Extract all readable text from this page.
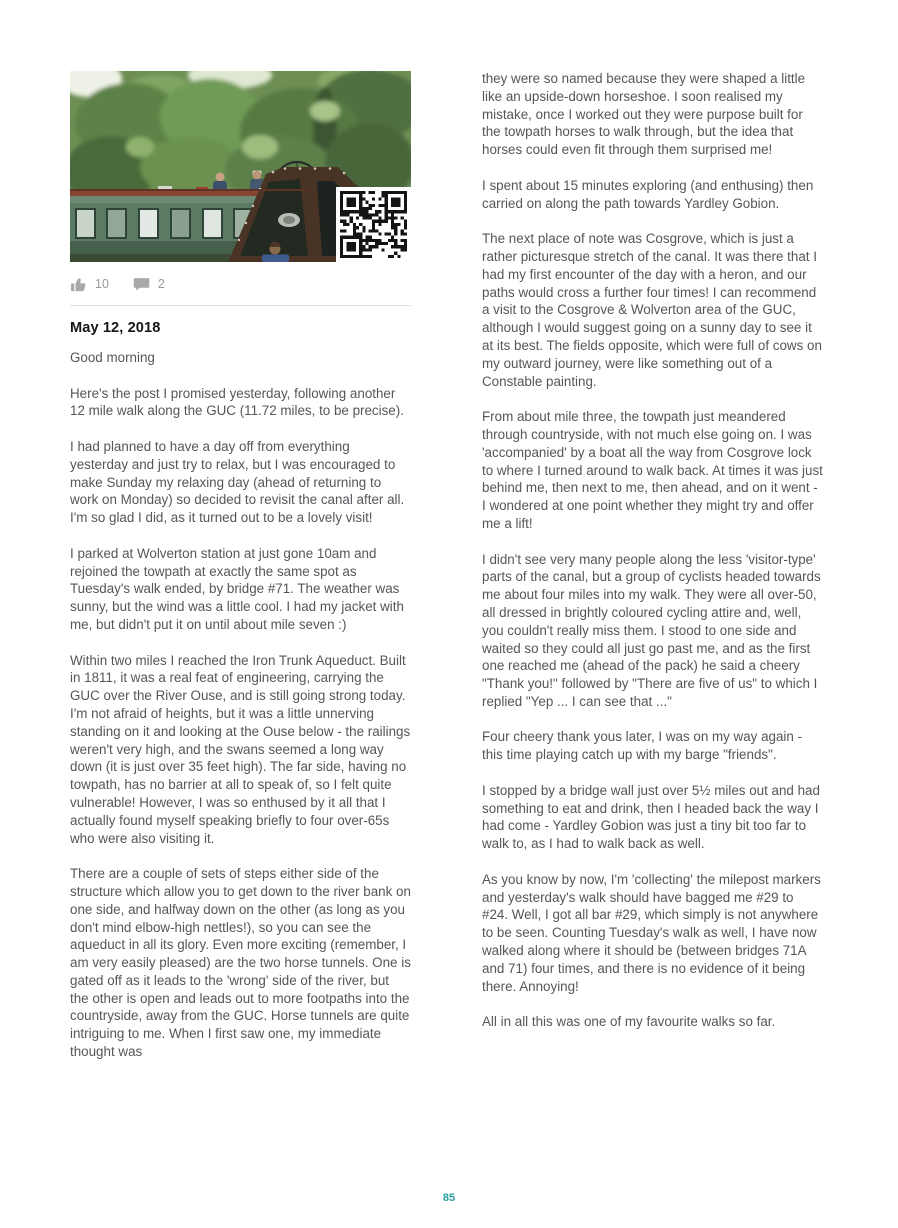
10	2
May 12, 2018

Good morning

Here's the post I promised yesterday, following another 12 mile walk along the GUC (11.72 miles, to be precise).

I had planned to have a day off from everything yesterday and just try to relax, but I was encouraged to make Sunday my relaxing day (ahead of returning to work on Monday) so decided to revisit the canal after all. I'm so glad I did, as it turned out to be a lovely visit!

I parked at Wolverton station at just gone 10am and rejoined the towpath at exactly the same spot as Tuesday's walk ended, by bridge #71. The weather was sunny, but the wind was a little cool. I had my jacket with me, but didn't put it on until about mile seven :)

Within two miles I reached the Iron Trunk Aqueduct. Built in 1811, it was a real feat of engineering, carrying the GUC over the River Ouse, and is still going strong today. I'm not afraid of heights, but it was a little unnerving standing on it and looking at the Ouse below - the railings weren't very high, and the swans seemed a long way down (it is just over 35 feet high). The far side, having no towpath, has no barrier at all to speak of, so I felt quite vulnerable! However, I was so enthused by it all that I actually found myself speaking briefly to four over-65s who were also visiting it.

There are a couple of sets of steps either side of the structure which allow you to get down to the river bank on one side, and halfway down on the other (as long as you don't mind elbow-high nettles!), so you can see the aqueduct in all its glory. Even more exciting (remember, I am very easily pleased) are the two horse tunnels. One is gated off as it leads to the 'wrong' side of the river, but the other is open and leads out to more footpaths into the countryside, away from the GUC. Horse tunnels are quite intriguing to me. When I first saw one, my immediate thought was

they were so named because they were shaped a little like an upside-down horseshoe. I soon realised my mistake, once I worked out they were purpose built for the towpath horses to walk through, but the idea that horses could even fit through them surprised me!

I spent about 15 minutes exploring (and enthusing) then carried on along the path towards Yardley Gobion.

The next place of note was Cosgrove, which is just a rather picturesque stretch of the canal. It was there that I had my first encounter of the day with a heron, and our paths would cross a further four times! I can recommend a visit to the Cosgrove & Wolverton area of the GUC, although I would suggest going on a sunny day to see it at its best. The fields opposite, which were full of cows on my outward journey, were like something out of a Constable painting.

From about mile three, the towpath just meandered through countryside, with not much else going on. I was 'accompanied' by a boat all the way from Cosgrove lock to where I turned around to walk back. At times it was just behind me, then next to me, then ahead, and on it went - I wondered at one point whether they might try and offer me a lift!

I didn't see very many people along the less 'visitor-type' parts of the canal, but a group of cyclists headed towards me about four miles into my walk. They were all over-50, all dressed in brightly coloured cycling attire and, well, you couldn't really miss them. I stood to one side and waited so they could all just go past me, and as the first one reached me (ahead of the pack) he said a cheery "Thank you!" followed by "There are five of us" to which I replied "Yep ... I can see that ..."

Four cheery thank yous later, I was on my way again - this time playing catch up with my barge "friends".

I stopped by a bridge wall just over 5½ miles out and had something to eat and drink, then I headed back the way I had come - Yardley Gobion was just a tiny bit too far to walk to, as I had to walk back as well.

As you know by now, I'm 'collecting' the milepost markers and yesterday's walk should have bagged me #29 to #24. Well, I got all bar #29, which simply is not anywhere to be seen. Counting Tuesday's walk as well, I have now walked along where it should be (between bridges 71A and 71) four times, and there is no evidence of it being there. Annoying!

All in all this was one of my favourite walks so far.

85
